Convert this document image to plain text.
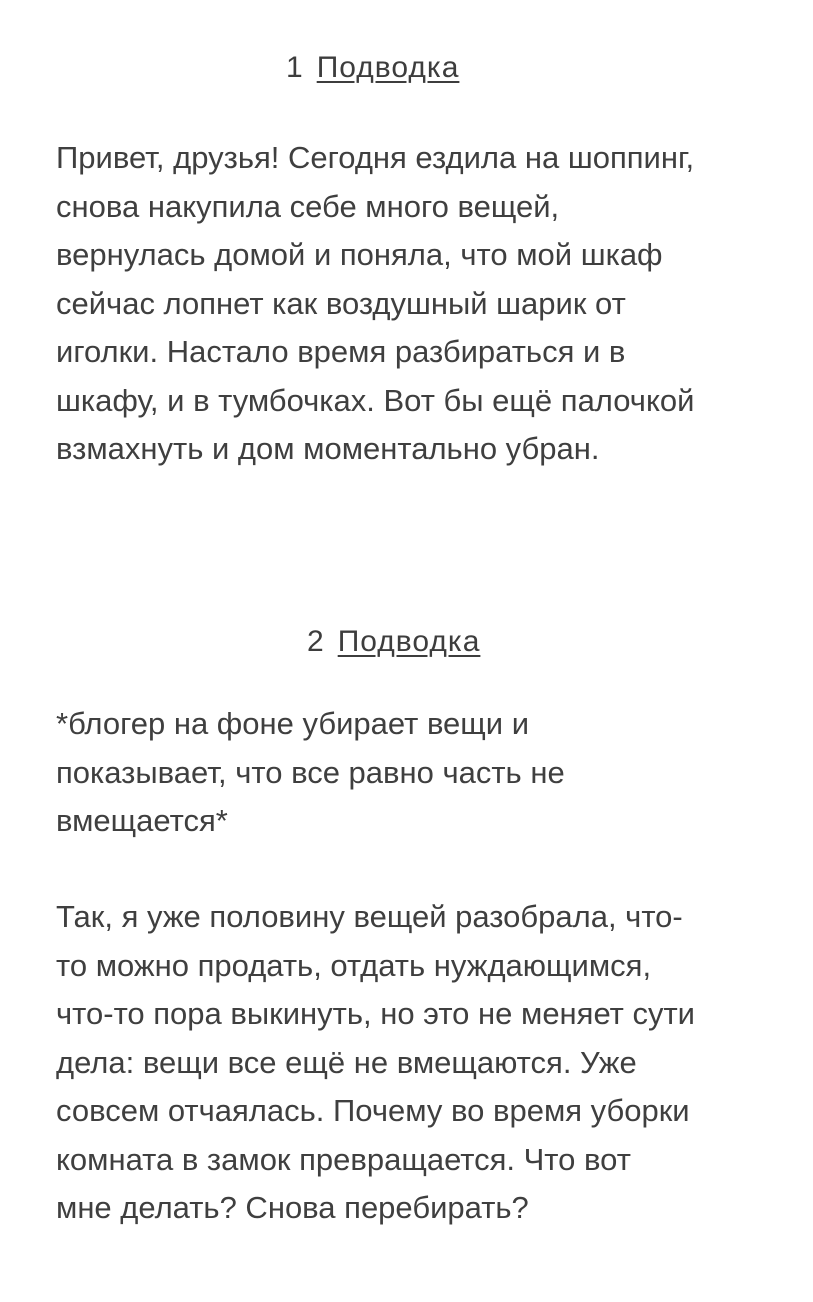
1 Подводка
Привет, друзья! Сегодня ездила на шоппинг,
снова накупила себе много вещей,
вернулась домой и поняла, что мой шкаф
сейчас лопнет как воздушный шарик от
иголки. Настало время разбираться и в
шкафу, и в тумбочках. Вот бы ещё палочкой
взмахнуть и дом моментально убран.
2 Подводка
*блогер на фоне убирает вещи и
показывает, что все равно часть не
вмещается*
Так, я уже половину вещей разобрала, что-
то можно продать, отдать нуждающимся,
что-то пора выкинуть, но это не меняет сути
дела: вещи все ещё не вмещаются. Уже
совсем отчаялась. Почему во время уборки
комната в замок превращается. Что вот
мне делать? Снова перебирать?
